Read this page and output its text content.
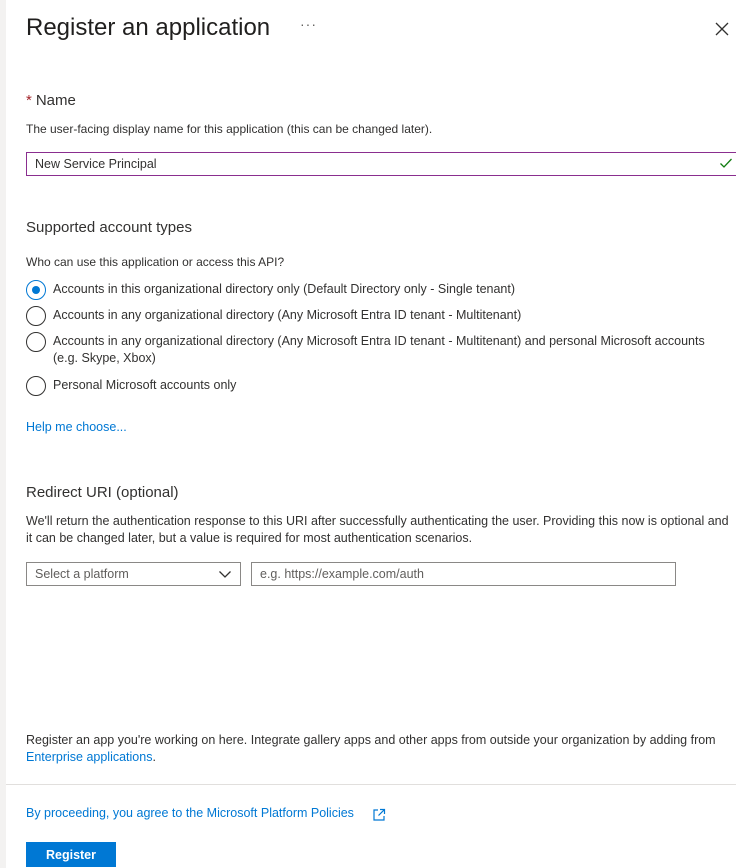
Register an application ···
* Name
The user-facing display name for this application (this can be changed later).
New Service Principal
Supported account types
Who can use this application or access this API?
Accounts in this organizational directory only (Default Directory only - Single tenant)
Accounts in any organizational directory (Any Microsoft Entra ID tenant - Multitenant)
Accounts in any organizational directory (Any Microsoft Entra ID tenant - Multitenant) and personal Microsoft accounts (e.g. Skype, Xbox)
Personal Microsoft accounts only
Help me choose...
Redirect URI (optional)
We'll return the authentication response to this URI after successfully authenticating the user. Providing this now is optional and it can be changed later, but a value is required for most authentication scenarios.
Select a platform
e.g. https://example.com/auth
Register an app you're working on here. Integrate gallery apps and other apps from outside your organization by adding from Enterprise applications.
By proceeding, you agree to the Microsoft Platform Policies
Register
